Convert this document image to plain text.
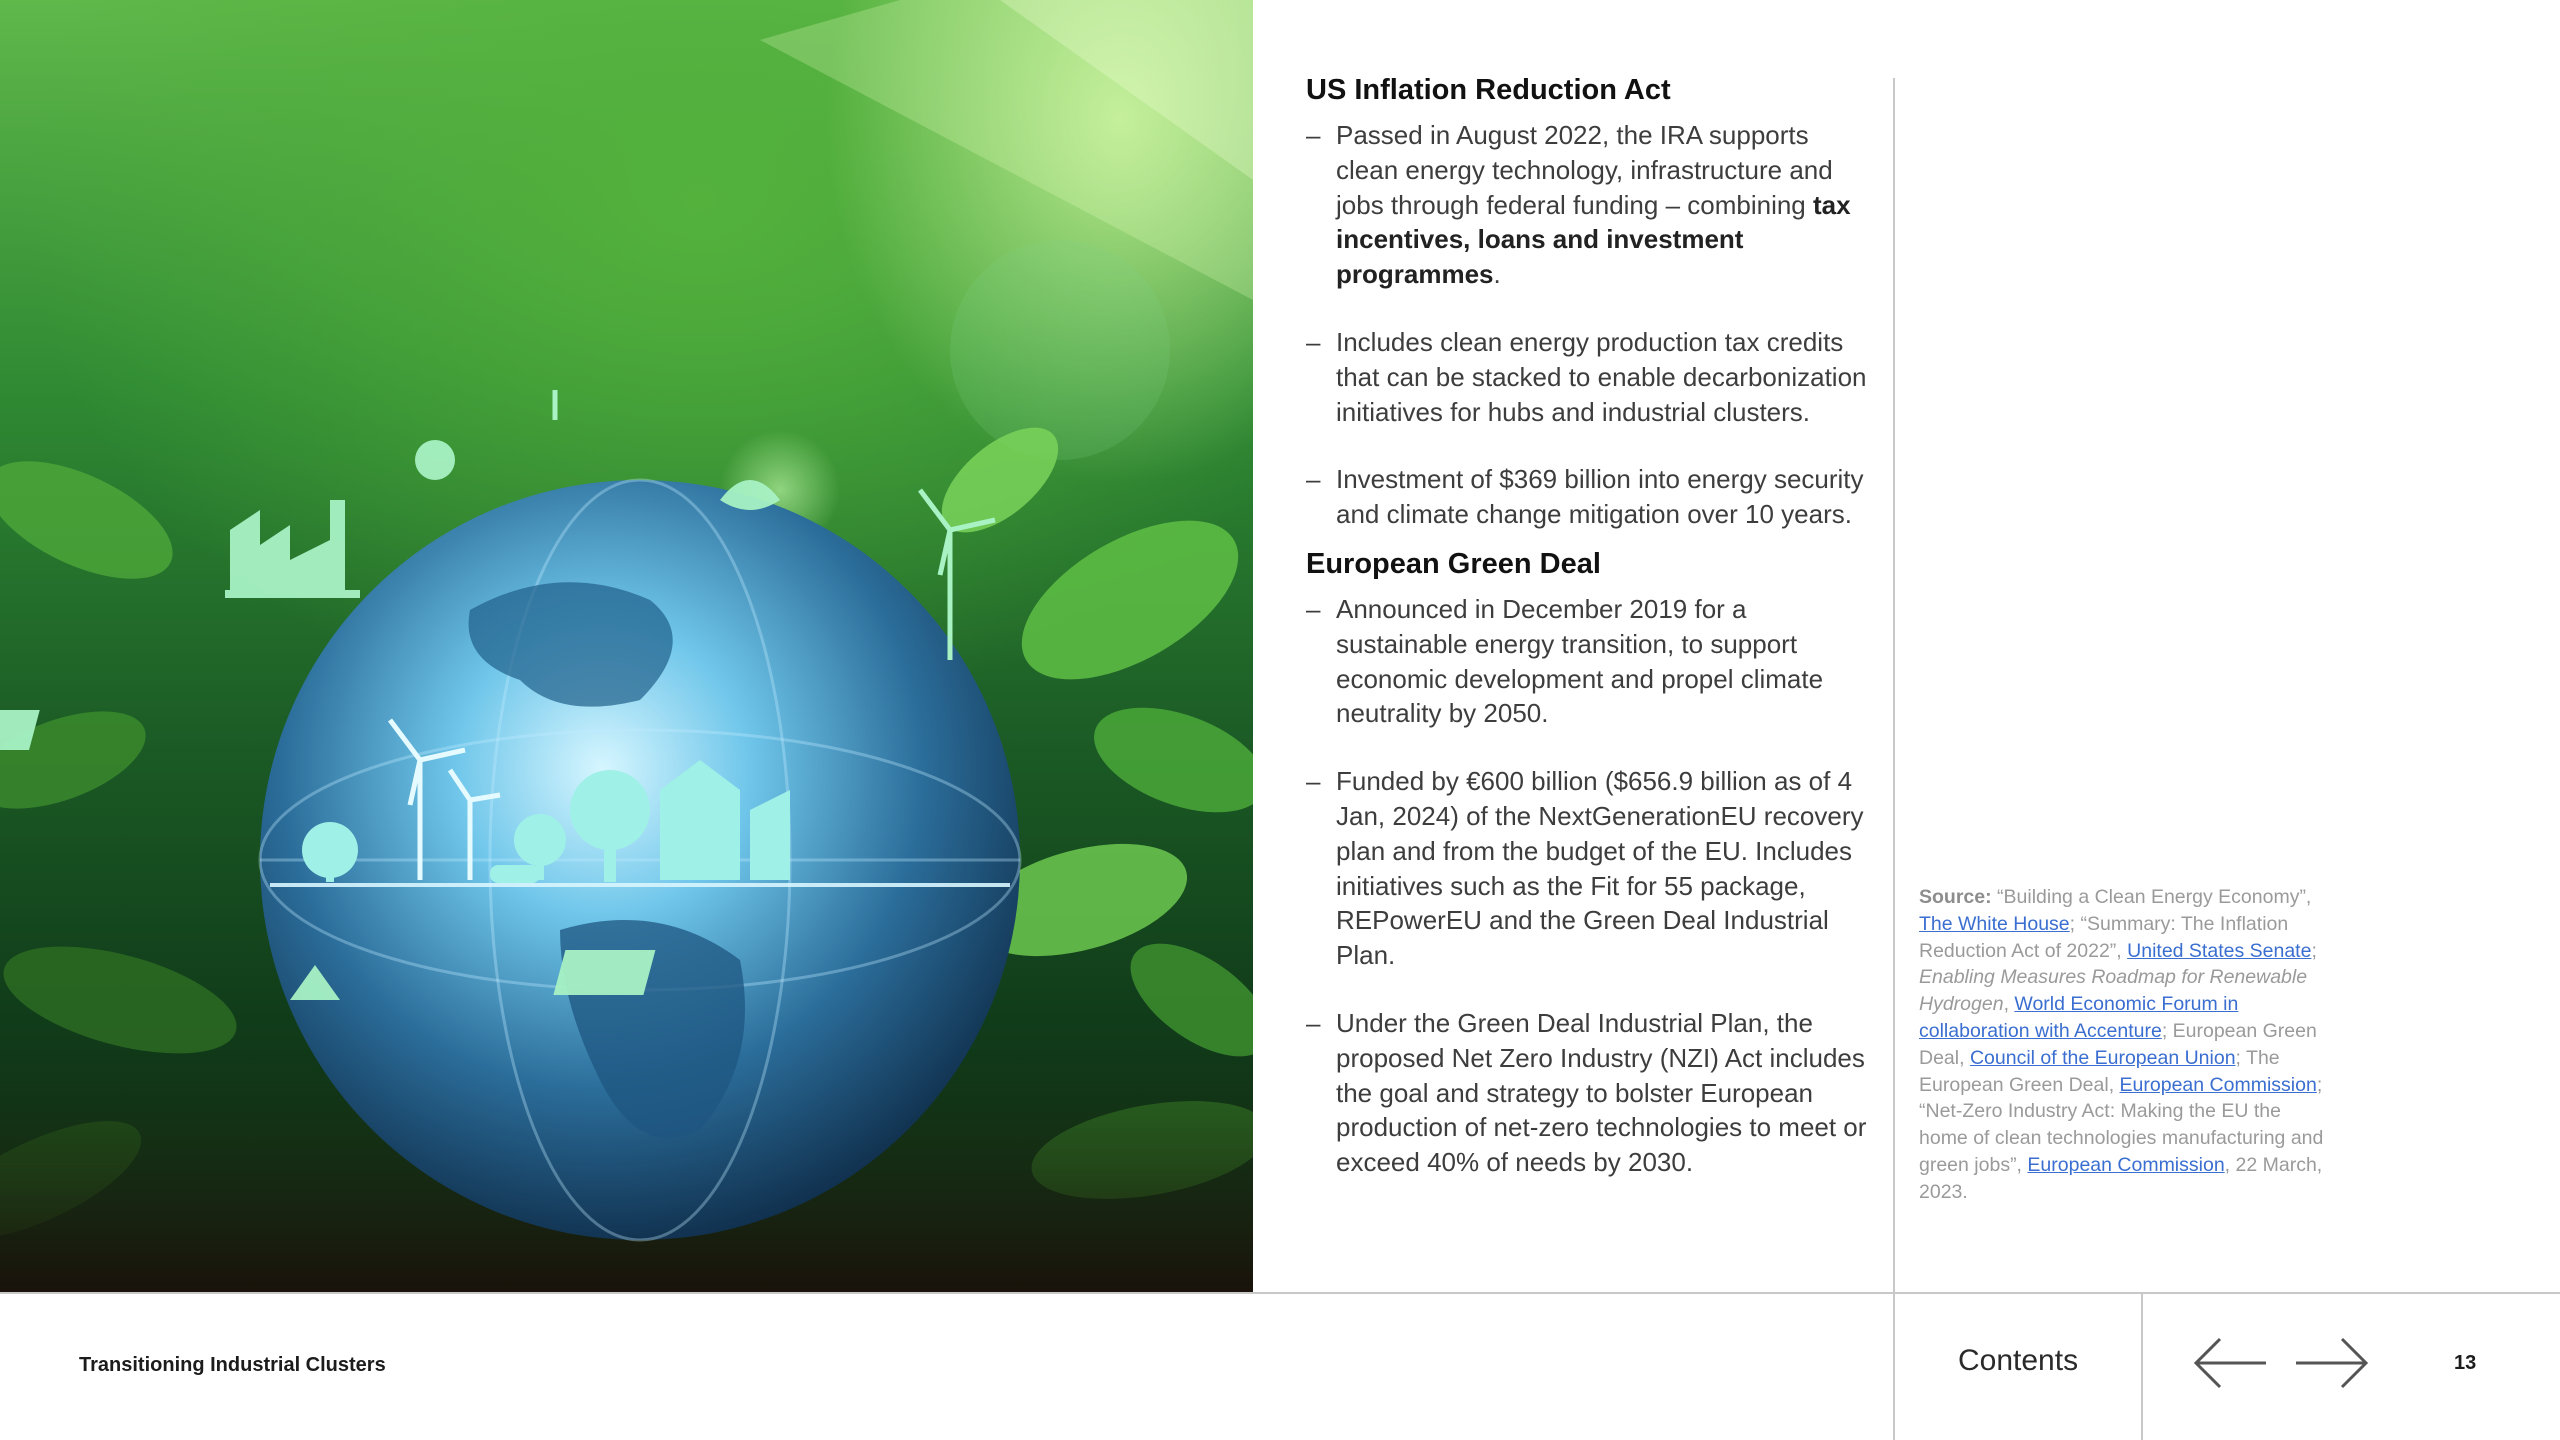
US Inflation Reduction Act
– Passed in August 2022, the IRA supports clean energy technology, infrastructure and jobs through federal funding – combining tax incentives, loans and investment programmes.
– Includes clean energy production tax credits that can be stacked to enable decarbonization initiatives for hubs and industrial clusters.
– Investment of $369 billion into energy security and climate change mitigation over 10 years.
European Green Deal
– Announced in December 2019 for a sustainable energy transition, to support economic development and propel climate neutrality by 2050.
– Funded by €600 billion ($656.9 billion as of 4 Jan, 2024) of the NextGenerationEU recovery plan and from the budget of the EU. Includes initiatives such as the Fit for 55 package, REPowerEU and the Green Deal Industrial Plan.
– Under the Green Deal Industrial Plan, the proposed Net Zero Industry (NZI) Act includes the goal and strategy to bolster European production of net-zero technologies to meet or exceed 40% of needs by 2030.
Source: “Building a Clean Energy Economy”, The White House; “Summary: The Inflation Reduction Act of 2022”, United States Senate; Enabling Measures Roadmap for Renewable Hydrogen, World Economic Forum in collaboration with Accenture; European Green Deal, Council of the European Union; The European Green Deal, European Commission; “Net-Zero Industry Act: Making the EU the home of clean technologies manufacturing and green jobs”, European Commission, 22 March, 2023.
Transitioning Industrial Clusters	Contents	13
